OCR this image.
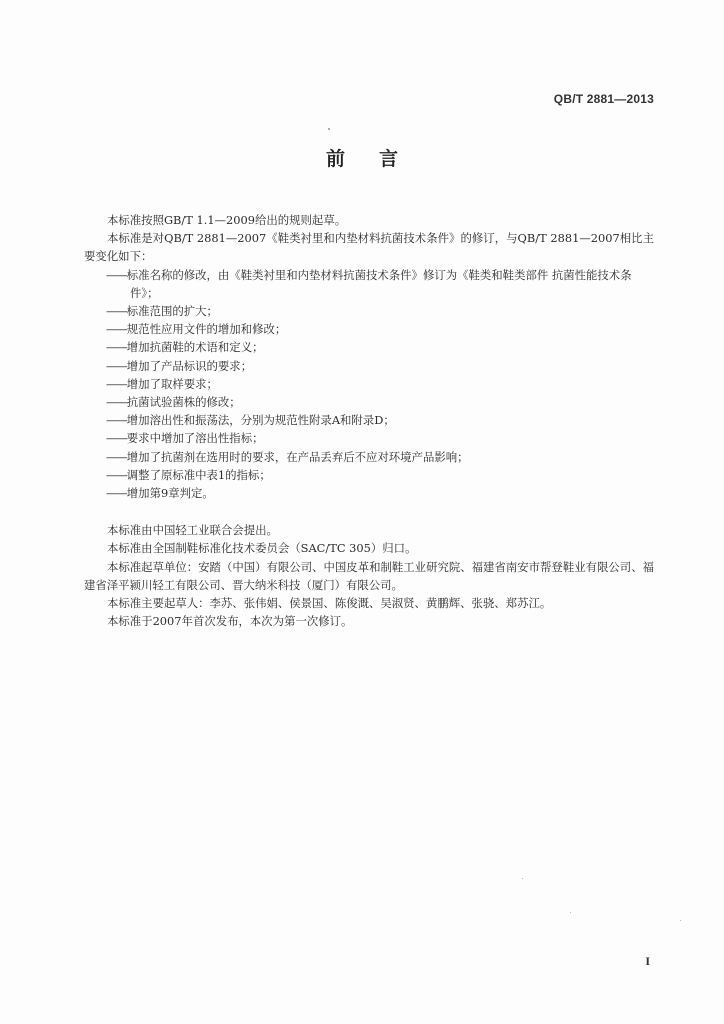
QB/T 2881—2013
前言

本标准按照GB/T 1.1—2009给出的规则起草。

本标准是对QB/T 2881—2007《鞋类衬里和内垫材料抗菌技术条件》的修订，与QB/T 2881—2007相比主要变化如下：

——标准名称的修改，由《鞋类衬里和内垫材料抗菌技术条件》修订为《鞋类和鞋类部件 抗菌性能技术条件》；
——标准范围的扩大；
——规范性应用文件的增加和修改；
——增加抗菌鞋的术语和定义；
——增加了产品标识的要求；
——增加了取样要求；
——抗菌试验菌株的修改；
——增加溶出性和振荡法，分别为规范性附录A和附录D；
——要求中增加了溶出性指标；
——增加了抗菌剂在选用时的要求，在产品丢弃后不应对环境产品影响；
——调整了原标准中表1的指标；
——增加第9章判定。

本标准由中国轻工业联合会提出。

本标准由全国制鞋标准化技术委员会（SAC/TC 305）归口。

本标准起草单位：安踏（中国）有限公司、中国皮革和制鞋工业研究院、福建省南安市帮登鞋业有限公司、福建省泽平颍川轻工有限公司、晋大纳米科技（厦门）有限公司。

本标准主要起草人：李苏、张伟娟、侯景国、陈俊溉、吴淑贤、黄鹏辉、张骁、郑苏江。

本标准于2007年首次发布，本次为第一次修订。

I
